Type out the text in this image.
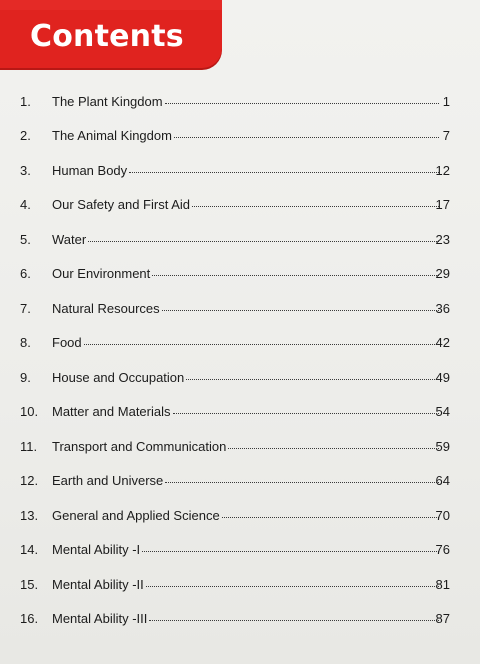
Contents
1.	The Plant Kingdom	1
2.	The Animal Kingdom	7
3.	Human Body	12
4.	Our Safety and First Aid	17
5.	Water	23
6.	Our Environment	29
7.	Natural Resources	36
8.	Food	42
9.	House and Occupation	49
10.	Matter and Materials	54
11.	Transport and Communication	59
12.	Earth and Universe	64
13.	General and Applied Science	70
14.	Mental Ability -I	76
15.	Mental Ability -II	81
16.	Mental Ability -III	87
